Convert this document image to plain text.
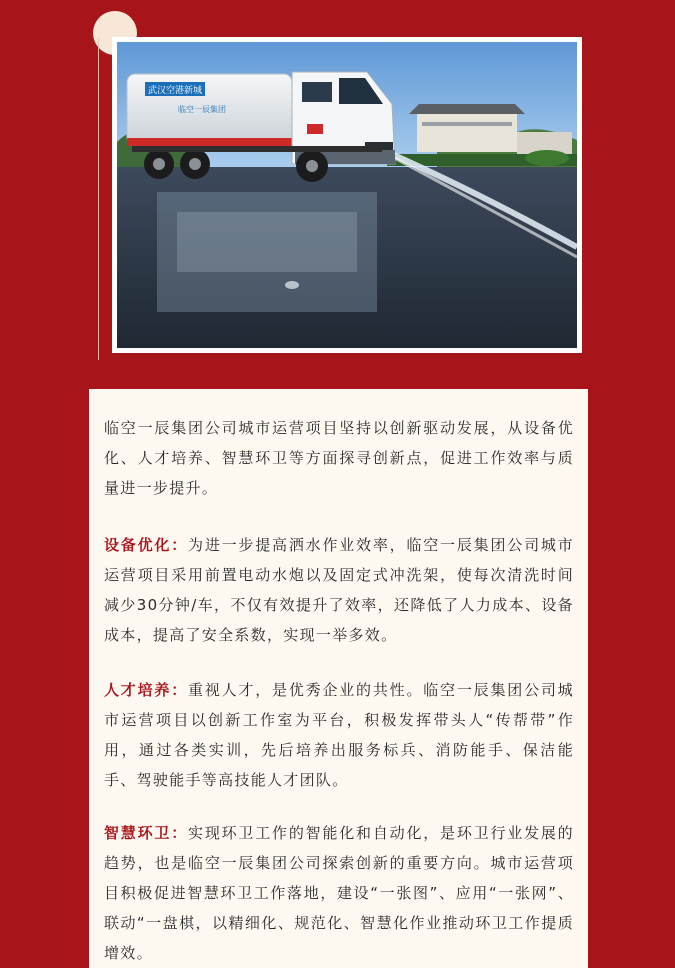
武汉空港新城
临空一辰集团
临空一辰集团公司城市运营项目坚持以创新驱动发展，从设备优化、人才培养、智慧环卫等方面探寻创新点，促进工作效率与质量进一步提升。
设备优化：为进一步提高洒水作业效率，临空一辰集团公司城市运营项目采用前置电动水炮以及固定式冲洗架，使每次清洗时间减少30分钟/车，不仅有效提升了效率，还降低了人力成本、设备成本，提高了安全系数，实现一举多效。
人才培养：重视人才，是优秀企业的共性。临空一辰集团公司城市运营项目以创新工作室为平台，积极发挥带头人“传帮带”作用，通过各类实训，先后培养出服务标兵、消防能手、保洁能手、驾驶能手等高技能人才团队。
智慧环卫：实现环卫工作的智能化和自动化，是环卫行业发展的趋势，也是临空一辰集团公司探索创新的重要方向。城市运营项目积极促进智慧环卫工作落地，建设“一张图”、应用“一张网”、联动“一盘棋，以精细化、规范化、智慧化作业推动环卫工作提质增效。
